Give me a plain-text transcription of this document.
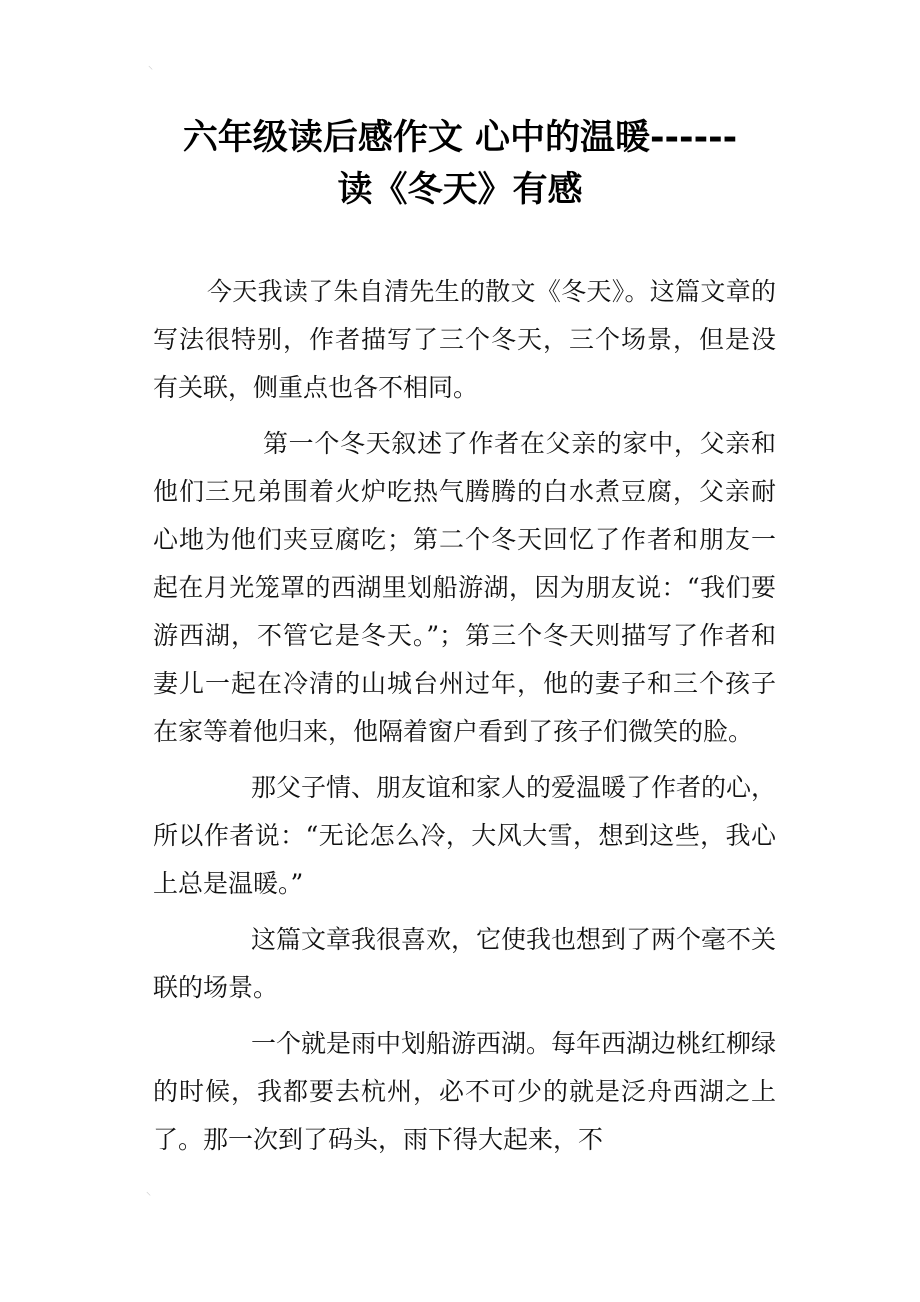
⸌
六年级读后感作文 心中的温暖------
读《冬天》有感

今天我读了朱自清先生的散文《冬天》。这篇文章的写法很特别，作者描写了三个冬天，三个场景，但是没有关联，侧重点也各不相同。

第一个冬天叙述了作者在父亲的家中，父亲和他们三兄弟围着火炉吃热气腾腾的白水煮豆腐，父亲耐心地为他们夹豆腐吃；第二个冬天回忆了作者和朋友一起在月光笼罩的西湖里划船游湖，因为朋友说：“我们要游西湖，不管它是冬天。”；第三个冬天则描写了作者和妻儿一起在冷清的山城台州过年，他的妻子和三个孩子在家等着他归来，他隔着窗户看到了孩子们微笑的脸。

那父子情、朋友谊和家人的爱温暖了作者的心，所以作者说：“无论怎么冷，大风大雪，想到这些，我心上总是温暖。”

这篇文章我很喜欢，它使我也想到了两个毫不关联的场景。

一个就是雨中划船游西湖。每年西湖边桃红柳绿的时候，我都要去杭州，必不可少的就是泛舟西湖之上了。那一次到了码头，雨下得大起来，不

⸌
